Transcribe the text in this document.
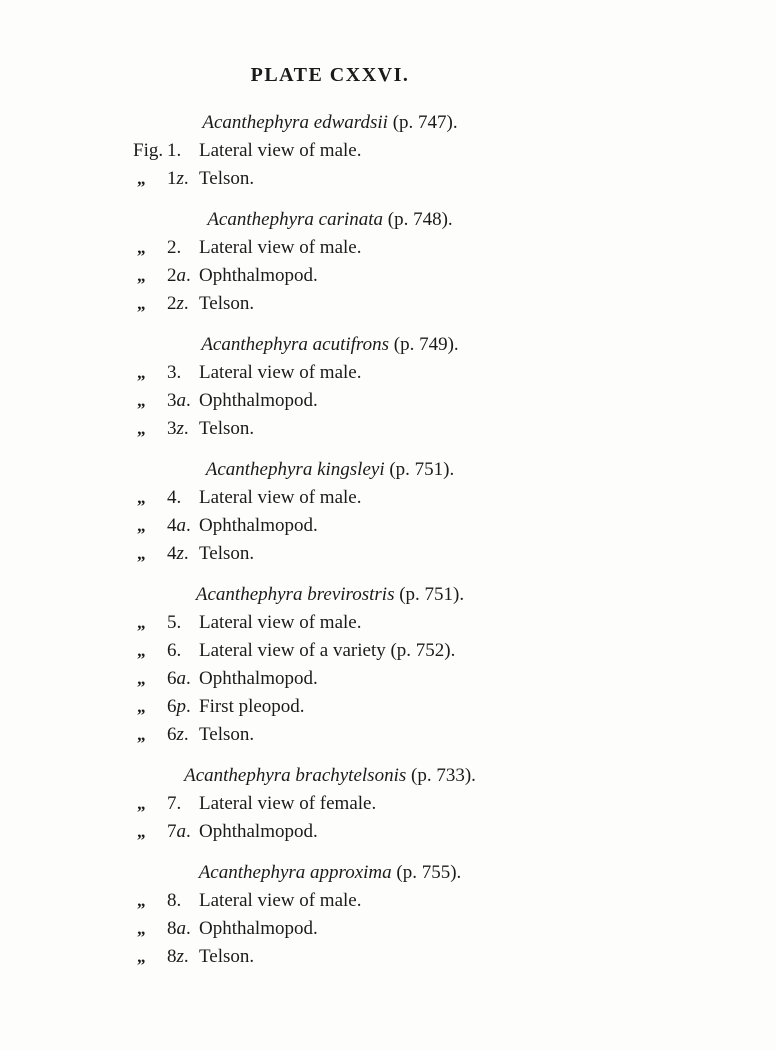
PLATE CXXVI.
Acanthephyra edwardsii (p. 747).
Fig. 1. Lateral view of male.
„	1z. Telson.
Acanthephyra carinata (p. 748).
„	2. Lateral view of male.
„	2a. Ophthalmopod.
„	2z. Telson.
Acanthephyra acutifrons (p. 749).
„	3. Lateral view of male.
„	3a. Ophthalmopod.
„	3z. Telson.
Acanthephyra kingsleyi (p. 751).
„	4. Lateral view of male.
„	4a. Ophthalmopod.
„	4z. Telson.
Acanthephyra brevirostris (p. 751).
„	5. Lateral view of male.
„	6. Lateral view of a variety (p. 752).
„	6a. Ophthalmopod.
„	6p. First pleopod.
„	6z. Telson.
Acanthephyra brachytelsonis (p. 733).
„	7. Lateral view of female.
„	7a. Ophthalmopod.
Acanthephyra approxima (p. 755).
„	8. Lateral view of male.
„	8a. Ophthalmopod.
„	8z. Telson.
